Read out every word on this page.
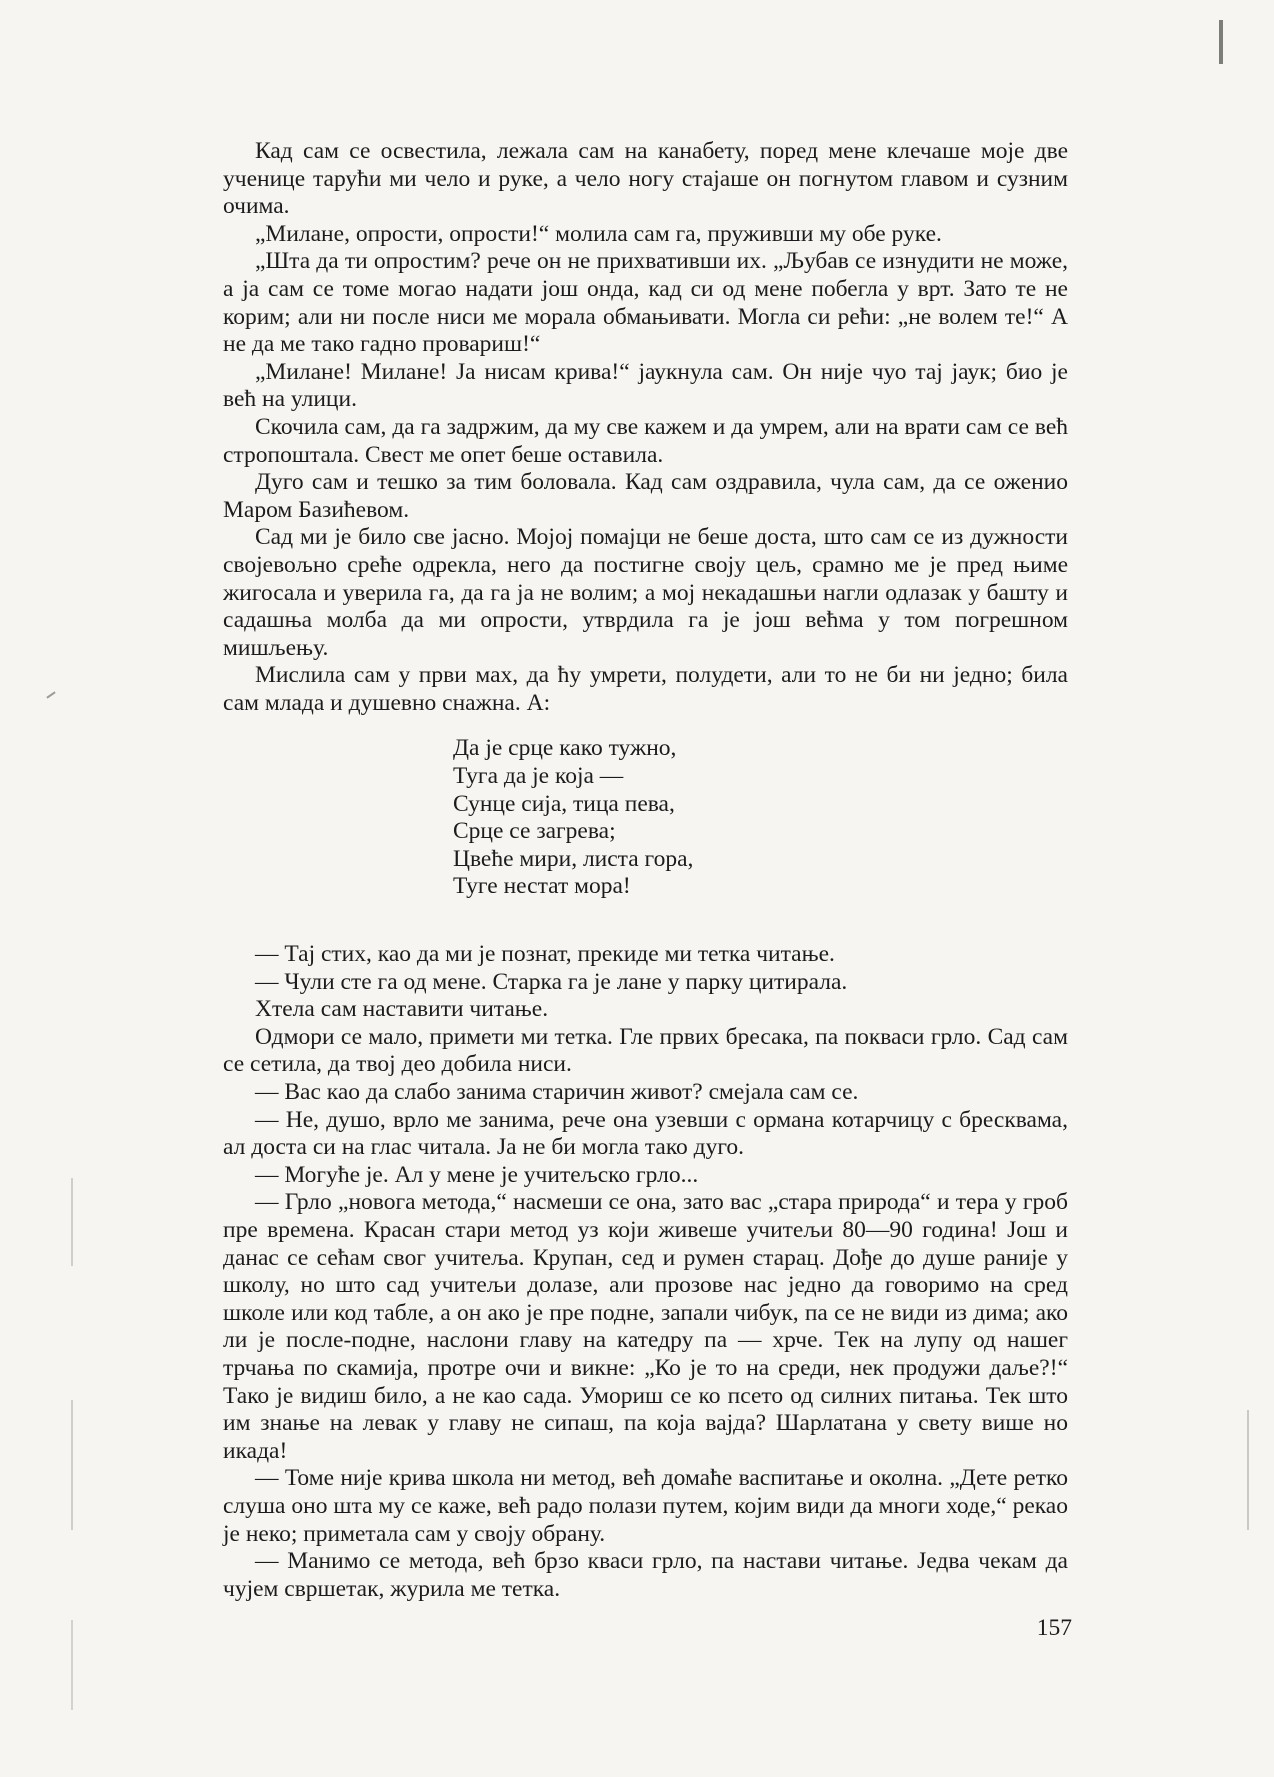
Кад сам се освестила, лежала сам на канабету, поред мене клечаше моје две ученице тарући ми чело и руке, а чело ногу стајаше он погнутом главом и сузним очима.

„Милане, опрости, опрости!“ молила сам га, пруживши му обе руке.

„Шта да ти опростим? рече он не прихвативши их. „Љубав се изнудити не може, а ја сам се томе могао надати још онда, кад си од мене побегла у врт. Зато те не корим; али ни после ниси ме морала обмањивати. Могла си рећи: „не волем те!“ А не да ме тако гадно провариш!“

„Милане! Милане! Ја нисам крива!“ јаукнула сам. Он није чуо тај јаук; био је већ на улици.

Скочила сам, да га задржим, да му све кажем и да умрем, али на врати сам се већ стропоштала. Свест ме опет беше оставила.

Дуго сам и тешко за тим боловала. Кад сам оздравила, чула сам, да се оженио Маром Базићевом.

Сад ми је било све јасно. Мојој помајци не беше доста, што сам се из дужности својевољно среће одрекла, него да постигне своју цељ, срамно ме је пред њиме жигосала и уверила га, да га ја не волим; а мој некадашњи нагли одлазак у башту и садашња молба да ми опрости, утврдила га је још већма у том погрешном мишљењу.

Мислила сам у први мах, да ћу умрети, полудети, али то не би ни једно; била сам млада и душевно снажна. А:

Да је срце како тужно,
Туга да је која —
Сунце сија, тица пева,
Срце се загрева;
Цвеће мири, листа гора,
Туге нестат мора!

— Тај стих, као да ми је познат, прекиде ми тетка читање.

— Чули сте га од мене. Старка га је лане у парку цитирала.

Хтела сам наставити читање.

Одмори се мало, примети ми тетка. Гле првих бресака, па покваси грло. Сад сам се сетила, да твој део добила ниси.

— Вас као да слабо занима старичин живот? смејала сам се.

— Не, душо, врло ме занима, рече она узевши с ормана котарчицу с бресквама, ал доста си на глас читала. Ја не би могла тако дуго.

— Могуће је. Ал у мене је учитељско грло...

— Грло „новога метода,“ насмеши се она, зато вас „стара природа“ и тера у гроб пре времена. Красан стари метод уз који живеше учитељи 80—90 година! Још и данас се сећам свог учитеља. Крупан, сед и румен старац. Дође до душе раније у школу, но што сад учитељи долазе, али прозове нас једно да говоримо на сред школе или код табле, а он ако је пре подне, запали чибук, па се не види из дима; ако ли је после-подне, наслони главу на катедру па — хрче. Тек на лупу од нашег трчања по скамија, протре очи и викне: „Ко је то на среди, нек продужи даље?!“ Тако је видиш било, а не као сада. Умориш се ко псето од силних питања. Тек што им знање на левак у главу не сипаш, па која вајда? Шарлатана у свету више но икада!

— Томе није крива школа ни метод, већ домаће васпитање и околна. „Дете ретко слуша оно шта му се каже, већ радо полази путем, којим види да многи ходе,“ рекао је неко; приметала сам у своју обрану.

— Манимо се метода, већ брзо кваси грло, па настави читање. Једва чекам да чујем свршетак, журила ме тетка.

157
